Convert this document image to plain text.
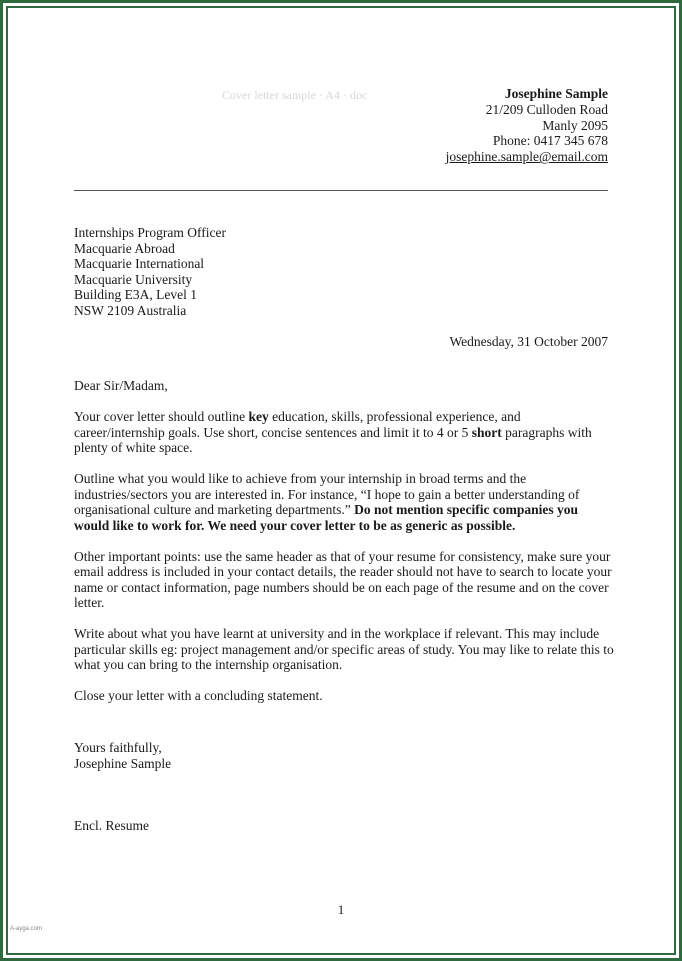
Cover letter sample · A4 · doc	Josephine Sample
21/209 Culloden Road
Manly 2095
Phone: 0417 345 678
josephine.sample@email.com
Internships Program Officer
Macquarie Abroad
Macquarie International
Macquarie University
Building E3A, Level 1
NSW 2109 Australia
Wednesday, 31 October 2007

Dear Sir/Madam,

Your cover letter should outline key education, skills, professional experience, and career/internship goals. Use short, concise sentences and limit it to 4 or 5 short paragraphs with plenty of white space.

Outline what you would like to achieve from your internship in broad terms and the industries/sectors you are interested in. For instance, “I hope to gain a better understanding of organisational culture and marketing departments.” Do not mention specific companies you would like to work for. We need your cover letter to be as generic as possible.

Other important points: use the same header as that of your resume for consistency, make sure your email address is included in your contact details, the reader should not have to search to locate your name or contact information, page numbers should be on each page of the resume and on the cover letter.

Write about what you have learnt at university and in the workplace if relevant. This may include particular skills eg: project management and/or specific areas of study. You may like to relate this to what you can bring to the internship organisation.

Close your letter with a concluding statement.

Yours faithfully,
Josephine Sample
Encl. Resume
1
A-ayga.com
